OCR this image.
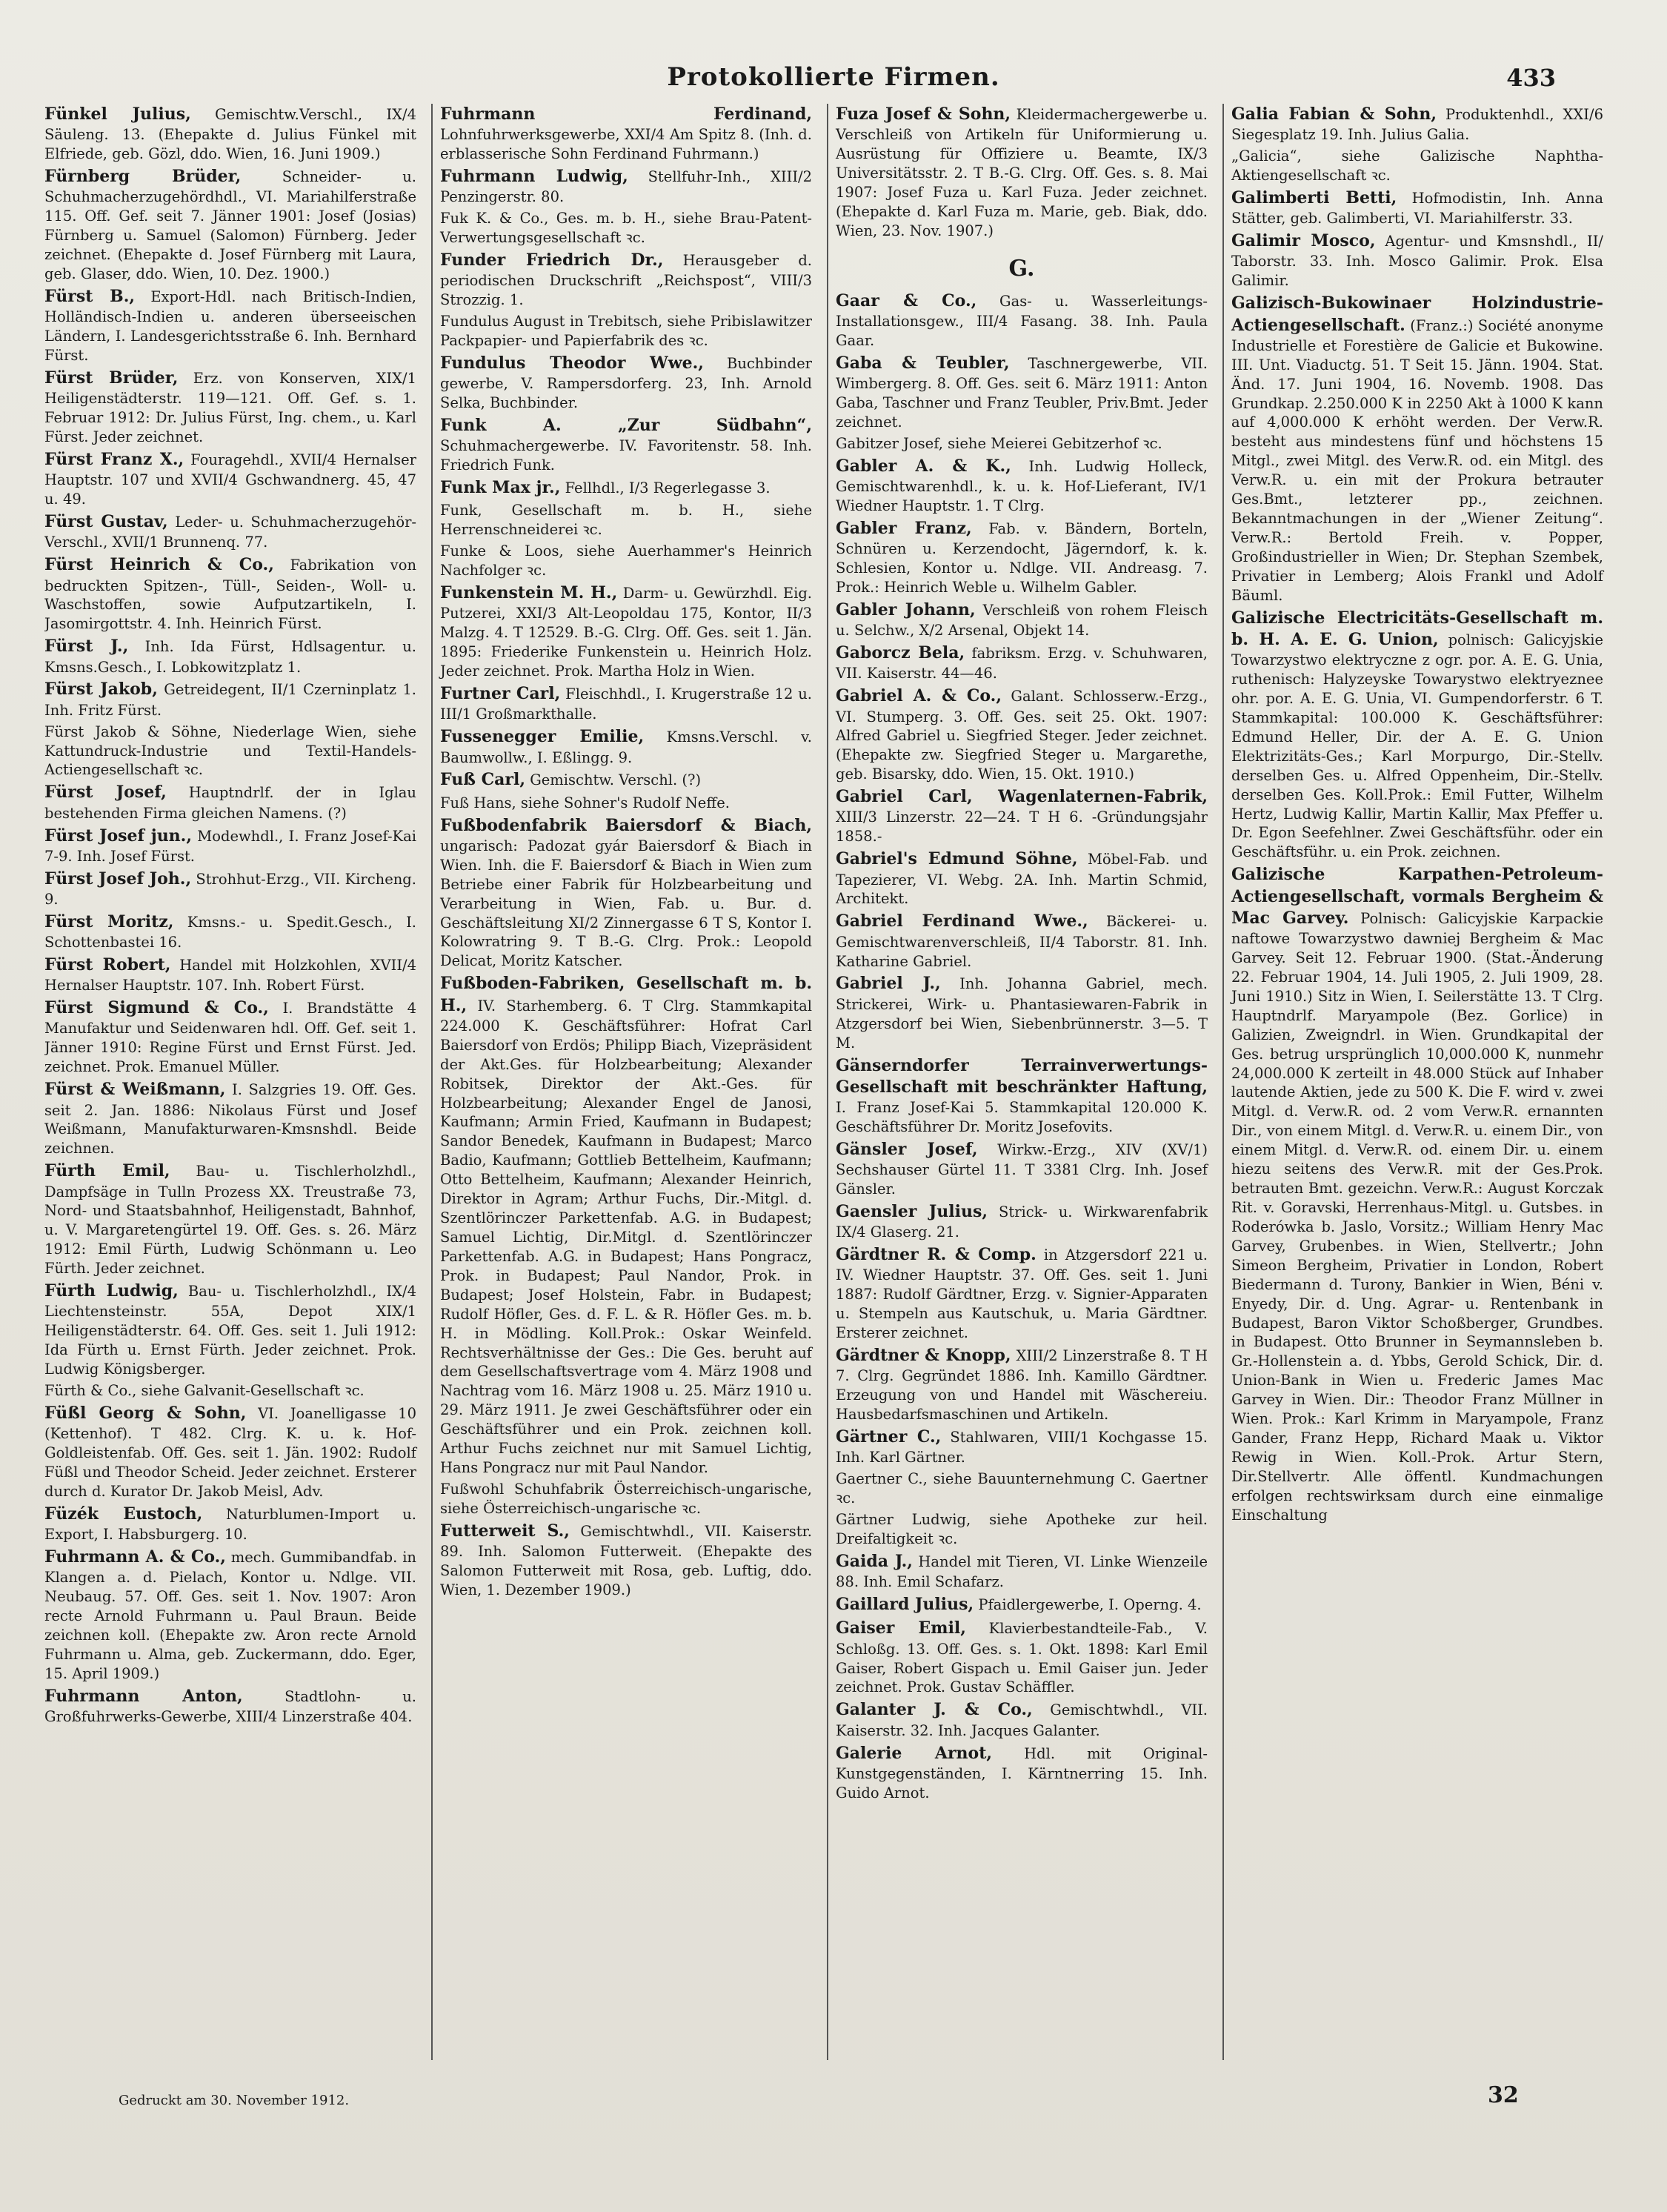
Protokollierte Firmen.	433

Fünkel Julius, Gemischtw.Verschl., IX/4 Säuleng. 13. (Ehepakte d. Julius Fünkel mit Elfriede, geb. Gözl, ddo. Wien, 16. Juni 1909.)

Fürnberg Brüder,	Schneider- u. Schuhmacherzugehördhdl., VI. Mariahilferstraße 115. Off. Gef. seit 7. Jänner 1901: Josef (Josias) Fürnberg u. Samuel (Salomon) Fürnberg. Jeder zeichnet. (Ehepakte d. Josef Fürnberg mit Laura, geb. Glaser, ddo. Wien, 10. Dez. 1900.)

Fürst B., Export-Hdl. nach Britisch-Indien, Holländisch-Indien u. anderen überseeischen Ländern, I. Landesgerichtsstraße 6. Inh. Bernhard Fürst.

Fürst Brüder, Erz. von Konserven, XIX/1 Heiligenstädterstr. 119—121. Off. Gef. s. 1. Februar 1912: Dr. Julius Fürst, Ing. chem., u. Karl Fürst. Jeder zeichnet.

Fürst Franz X., Fouragehdl., XVII/4 Hernalser Hauptstr. 107 und XVII/4 Gschwandnerg. 45, 47 u. 49.

Fürst Gustav, Leder- u. Schuhmacherzugehör-Verschl., XVII/1 Brunnenq. 77.

Fürst Heinrich & Co., Fabrikation von bedruckten Spitzen-, Tüll-, Seiden-, Woll- u. Waschstoffen, sowie Aufputzartikeln, I. Jasomirgottstr. 4. Inh. Heinrich Fürst.

Fürst J., Inh. Ida Fürst, Hdlsagentur. u. Kmsns.Gesch., I. Lobkowitzplatz 1.

Fürst Jakob, Getreidegent, II/1 Czerninplatz 1. Inh. Fritz Fürst.

Fürst Jakob & Söhne, Niederlage Wien, siehe Kattundruck-Industrie und Textil-Handels-Actiengesellschaft ꝛc.

Fürst Josef, Hauptndrlf. der in Iglau bestehenden Firma gleichen Namens. (?)

Fürst Josef jun., Modewhdl., I. Franz Josef-Kai 7-9. Inh. Josef Fürst.

Fürst Josef Joh., Strohhut-Erzg., VII. Kircheng. 9.

Fürst Moritz, Kmsns.- u. Spedit.Gesch., I. Schottenbastei 16.

Fürst Robert, Handel mit Holzkohlen, XVII/4 Hernalser Hauptstr. 107. Inh. Robert Fürst.

Fürst Sigmund & Co., I. Brandstätte 4 Manufaktur und Seidenwaren hdl. Off. Gef. seit 1. Jänner 1910: Regine Fürst und Ernst Fürst. Jed. zeichnet. Prok. Emanuel Müller.

Fürst & Weißmann, I. Salzgries 19. Off. Ges. seit 2. Jan. 1886: Nikolaus Fürst und Josef Weißmann, Manufakturwaren-Kmsnshdl. Beide zeichnen.

Fürth Emil, Bau- u. Tischlerholzhdl., Dampfsäge in Tulln Prozess XX. Treustraße 73, Nord- und Staatsbahnhof, Heiligenstadt, Bahnhof, u. V. Margaretengürtel 19. Off. Ges. s. 26. März 1912: Emil Fürth, Ludwig Schönmann u. Leo Fürth. Jeder zeichnet.

Fürth Ludwig, Bau- u. Tischlerholzhdl., IX/4 Liechtensteinstr. 55A, Depot XIX/1 Heiligenstädterstr. 64. Off. Ges. seit 1. Juli 1912: Ida Fürth u. Ernst Fürth. Jeder zeichnet. Prok. Ludwig Königsberger.

Fürth & Co., siehe Galvanit-Gesellschaft ꝛc.

Füßl Georg & Sohn, VI. Joanelligasse 10 (Kettenhof). T 482. Clrg. K. u. k. Hof-Goldleistenfab. Off. Ges. seit 1. Jän. 1902: Rudolf Füßl und Theodor Scheid. Jeder zeichnet. Ersterer durch d. Kurator Dr. Jakob Meisl, Adv.

Füzék Eustoch, Naturblumen-Import u. Export, I. Habsburgerg. 10.

Fuhrmann A. & Co., mech. Gummibandfab. in Klangen a. d. Pielach, Kontor u. Ndlge. VII. Neubaug. 57. Off. Ges. seit 1. Nov. 1907: Aron recte Arnold Fuhrmann u. Paul Braun. Beide zeichnen koll. (Ehepakte zw. Aron recte Arnold Fuhrmann u. Alma, geb. Zuckermann, ddo. Eger, 15. April 1909.)

Fuhrmann Anton,	Stadtlohn- u. Großfuhrwerks-Gewerbe, XIII/4 Linzerstraße 404.

Fuhrmann Ferdinand, Lohnfuhrwerksgewerbe, XXI/4 Am Spitz 8. (Inh. d. erblasserische Sohn Ferdinand Fuhrmann.)

Fuhrmann Ludwig, Stellfuhr-Inh., XIII/2 Penzingerstr. 80.

Fuk K. & Co., Ges. m. b. H., siehe Brau-Patent-Verwertungsgesellschaft ꝛc.

Funder Friedrich Dr., Herausgeber d. periodischen Druckschrift „Reichspost“, VIII/3 Strozzig. 1.

Fundulus August in Trebitsch, siehe Pribislawitzer Packpapier- und Papierfabrik des ꝛc.

Fundulus Theodor Wwe., Buchbinder gewerbe, V. Rampersdorferg. 23, Inh. Arnold Selka, Buchbinder.

Funk A. „Zur Südbahn“, Schuhmachergewerbe. IV. Favoritenstr. 58. Inh. Friedrich Funk.

Funk Max jr., Fellhdl., I/3 Regerlegasse 3.

Funk, Gesellschaft m. b. H., siehe Herrenschneiderei ꝛc.

Funke & Loos, siehe Auerhammer's Heinrich Nachfolger ꝛc.

Funkenstein M. H., Darm- u. Gewürzhdl. Eig. Putzerei, XXI/3 Alt-Leopoldau 175, Kontor, II/3 Malzg. 4. T 12529. B.-G. Clrg. Off. Ges. seit 1. Jän. 1895: Friederike Funkenstein u. Heinrich Holz. Jeder zeichnet. Prok. Martha Holz in Wien.

Furtner Carl, Fleischhdl., I. Krugerstraße 12 u. III/1 Großmarkthalle.

Fussenegger Emilie, Kmsns.Verschl. v. Baumwollw., I. Eßlingg. 9.

Fuß Carl, Gemischtw. Verschl. (?)

Fuß Hans, siehe Sohner's Rudolf Neffe.

Fußbodenfabrik Baiersdorf & Biach, ungarisch: Padozat gyár Baiersdorf & Biach in Wien. Inh. die F. Baiersdorf & Biach in Wien zum Betriebe einer Fabrik für Holzbearbeitung und Verarbeitung in Wien, Fab. u. Bur. d. Geschäftsleitung XI/2 Zinnergasse 6 T S, Kontor I. Kolowratring 9. T B.-G. Clrg. Prok.: Leopold Delicat, Moritz Katscher.

Fußboden-Fabriken, Gesellschaft m. b. H., IV. Starhemberg. 6. T Clrg. Stammkapital 224.000 K. Geschäftsführer: Hofrat Carl Baiersdorf von Erdös; Philipp Biach, Vizepräsident der Akt.Ges. für Holzbearbeitung; Alexander Robitsek, Direktor der Akt.-Ges. für Holzbearbeitung; Alexander Engel de Janosi, Kaufmann; Armin Fried, Kaufmann in Budapest; Sandor Benedek, Kaufmann in Budapest; Marco Badio, Kaufmann; Gottlieb Bettelheim, Kaufmann; Otto Bettelheim, Kaufmann; Alexander Heinrich, Direktor in Agram; Arthur Fuchs, Dir.-Mitgl. d. Szentlörinczer Parkettenfab. A.G. in Budapest; Samuel Lichtig, Dir.Mitgl. d. Szentlörinczer Parkettenfab. A.G. in Budapest; Hans Pongracz, Prok. in Budapest; Paul Nandor, Prok. in Budapest; Josef Holstein, Fabr. in Budapest; Rudolf Höfler, Ges. d. F. L. & R. Höfler Ges. m. b. H. in Mödling. Koll.Prok.: Oskar Weinfeld. Rechtsverhältnisse der Ges.: Die Ges. beruht auf dem Gesellschaftsvertrage vom 4. März 1908 und Nachtrag vom 16. März 1908 u. 25. März 1910 u. 29. März 1911. Je zwei Geschäftsführer oder ein Geschäftsführer und ein Prok. zeichnen koll. Arthur Fuchs zeichnet nur mit Samuel Lichtig, Hans Pongracz nur mit Paul Nandor.

Fußwohl Schuhfabrik Österreichisch-ungarische, siehe Österreichisch-ungarische ꝛc.

Futterweit S., Gemischtwhdl., VII. Kaiserstr. 89. Inh. Salomon Futterweit. (Ehepakte des Salomon Futterweit mit Rosa, geb. Luftig, ddo. Wien, 1. Dezember 1909.)

Fuza Josef & Sohn, Kleidermachergewerbe u. Verschleiß von Artikeln für Uniformierung u. Ausrüstung für Offiziere u. Beamte, IX/3 Universitätsstr. 2. T B.-G. Clrg. Off. Ges. s. 8. Mai 1907: Josef Fuza u. Karl Fuza. Jeder zeichnet. (Ehepakte d. Karl Fuza m. Marie, geb. Biak, ddo. Wien, 23. Nov. 1907.)

G.

Gaar & Co., Gas- u. Wasserleitungs-Installationsgew., III/4 Fasang. 38. Inh. Paula Gaar.

Gaba & Teubler, Taschnergewerbe, VII. Wimbergerg. 8. Off. Ges. seit 6. März 1911: Anton Gaba, Taschner und Franz Teubler, Priv.Bmt. Jeder zeichnet.

Gabitzer Josef, siehe Meierei Gebitzerhof ꝛc.

Gabler A. & K., Inh. Ludwig Holleck, Gemischtwarenhdl., k. u. k. Hof-Lieferant, IV/1 Wiedner Hauptstr. 1. T Clrg.

Gabler Franz, Fab. v. Bändern, Borteln, Schnüren u. Kerzendocht, Jägerndorf, k. k. Schlesien, Kontor u. Ndlge. VII. Andreasg. 7. Prok.: Heinrich Weble u. Wilhelm Gabler.

Gabler Johann, Verschleiß von rohem Fleisch u. Selchw., X/2 Arsenal, Objekt 14.

Gaborcz Bela, fabriksm. Erzg. v. Schuhwaren, VII. Kaiserstr. 44—46.

Gabriel A. & Co., Galant. Schlosserw.-Erzg., VI. Stumperg. 3. Off. Ges. seit 25. Okt. 1907: Alfred Gabriel u. Siegfried Steger. Jeder zeichnet. (Ehepakte zw. Siegfried Steger u. Margarethe, geb. Bisarsky, ddo. Wien, 15. Okt. 1910.)

Gabriel Carl, Wagenlaternen-Fabrik, XIII/3 Linzerstr. 22—24. T H 6. -Gründungsjahr 1858.-

Gabriel's Edmund Söhne, Möbel-Fab. und Tapezierer, VI. Webg. 2A. Inh. Martin Schmid, Architekt.

Gabriel Ferdinand Wwe., Bäckerei- u. Gemischtwarenverschleiß, II/4 Taborstr. 81. Inh. Katharine Gabriel.

Gabriel J., Inh. Johanna Gabriel, mech. Strickerei, Wirk- u. Phantasiewaren-Fabrik in Atzgersdorf bei Wien, Siebenbrünnerstr. 3—5. T M.

Gänserndorfer Terrainverwertungs-Gesellschaft mit beschränkter Haftung, I. Franz Josef-Kai 5. Stammkapital 120.000 K. Geschäftsführer Dr. Moritz Josefovits.

Gänsler Josef, Wirkw.-Erzg., XIV (XV/1) Sechshauser Gürtel 11. T 3381 Clrg. Inh. Josef Gänsler.

Gaensler Julius, Strick- u. Wirkwarenfabrik IX/4 Glaserg. 21.

Gärdtner R. & Comp. in Atzgersdorf 221 u. IV. Wiedner Hauptstr. 37. Off. Ges. seit 1. Juni 1887: Rudolf Gärdtner, Erzg. v. Signier-Apparaten u. Stempeln aus Kautschuk, u. Maria Gärdtner. Ersterer zeichnet.

Gärdtner & Knopp, XIII/2 Linzerstraße 8. T H 7. Clrg. Gegründet 1886. Inh. Kamillo Gärdtner. Erzeugung von und Handel mit Wäschereiu. Hausbedarfsmaschinen und Artikeln.

Gärtner C., Stahlwaren, VIII/1 Kochgasse 15. Inh. Karl Gärtner.

Gaertner C., siehe Bauunternehmung C. Gaertner ꝛc.

Gärtner Ludwig, siehe Apotheke zur heil. Dreifaltigkeit ꝛc.

Gaida J., Handel mit Tieren, VI. Linke Wienzeile 88. Inh. Emil Schafarz.

Gaillard Julius, Pfaidlergewerbe, I. Operng. 4.

Gaiser Emil, Klavierbestandteile-Fab., V. Schloßg. 13. Off. Ges. s. 1. Okt. 1898: Karl Emil Gaiser, Robert Gispach u. Emil Gaiser jun. Jeder zeichnet. Prok. Gustav Schäffler.

Galanter J. & Co., Gemischtwhdl., VII. Kaiserstr. 32. Inh. Jacques Galanter.

Galerie Arnot, Hdl. mit Original-Kunstgegenständen, I. Kärntnerring 15. Inh. Guido Arnot.

Galia Fabian & Sohn, Produktenhdl., XXI/6 Siegesplatz 19. Inh. Julius Galia.

„Galicia“, siehe Galizische Naphtha-Aktiengesellschaft ꝛc.

Galimberti Betti, Hofmodistin, Inh. Anna Stätter, geb. Galimberti, VI. Mariahilferstr. 33.

Galimir Mosco, Agentur- und Kmsnshdl., II/ Taborstr. 33. Inh. Mosco Galimir. Prok. Elsa Galimir.

Galizisch-Bukowinaer Holzindustrie-Actiengesellschaft. (Franz.:) Société anonyme Industrielle et Forestière de Galicie et Bukowine. III. Unt. Viaductg. 51. T Seit 15. Jänn. 1904. Stat. Änd. 17. Juni 1904, 16. Novemb. 1908. Das Grundkap. 2.250.000 K in 2250 Akt à 1000 K kann auf 4,000.000 K erhöht werden. Der Verw.R. besteht aus mindestens fünf und höchstens 15 Mitgl., zwei Mitgl. des Verw.R. od. ein Mitgl. des Verw.R. u. ein mit der Prokura betrauter Ges.Bmt., letzterer pp., zeichnen. Bekanntmachungen in der „Wiener Zeitung“. Verw.R.: Bertold Freih. v. Popper, Großindustrieller in Wien; Dr. Stephan Szembek, Privatier in Lemberg; Alois Frankl und Adolf Bäuml.

Galizische Electricitäts-Gesellschaft m. b. H. A. E. G. Union, polnisch: Galicyjskie Towarzystwo elektryczne z ogr. por. A. E. G. Unia, ruthenisch: Halyzeyske Towarystwo elektryeznee ohr. por. A. E. G. Unia, VI. Gumpendorferstr. 6 T. Stammkapital: 100.000 K. Geschäftsführer: Edmund Heller, Dir. der A. E. G. Union Elektrizitäts-Ges.; Karl Morpurgo, Dir.-Stellv. derselben Ges. u. Alfred Oppenheim, Dir.-Stellv. derselben Ges. Koll.Prok.: Emil Futter, Wilhelm Hertz, Ludwig Kallir, Martin Kallir, Max Pfeffer u. Dr. Egon Seefehlner. Zwei Geschäftsführ. oder ein Geschäftsführ. u. ein Prok. zeichnen.

Galizische Karpathen-Petroleum-Actiengesellschaft, vormals Bergheim & Mac Garvey. Polnisch: Galicyjskie Karpackie naftowe Towarzystwo dawniej Bergheim & Mac Garvey. Seit 12. Februar 1900. (Stat.-Änderung 22. Februar 1904, 14. Juli 1905, 2. Juli 1909, 28. Juni 1910.) Sitz in Wien, I. Seilerstätte 13. T Clrg. Hauptndrlf. Maryampole (Bez. Gorlice) in Galizien, Zweigndrl. in Wien. Grundkapital der Ges. betrug ursprünglich 10,000.000 K, nunmehr 24,000.000 K zerteilt in 48.000 Stück auf Inhaber lautende Aktien, jede zu 500 K. Die F. wird v. zwei Mitgl. d. Verw.R. od. 2 vom Verw.R. ernannten Dir., von einem Mitgl. d. Verw.R. u. einem Dir., von einem Mitgl. d. Verw.R. od. einem Dir. u. einem hiezu seitens des Verw.R. mit der Ges.Prok. betrauten Bmt. gezeichn. Verw.R.: August Korczak Rit. v. Goravski, Herrenhaus-Mitgl. u. Gutsbes. in Roderówka b. Jaslo, Vorsitz.; William Henry Mac Garvey, Grubenbes. in Wien, Stellvertr.; John Simeon Bergheim, Privatier in London, Robert Biedermann d. Turony, Bankier in Wien, Béni v. Enyedy, Dir. d. Ung. Agrar- u. Rentenbank in Budapest, Baron Viktor Schoßberger, Grundbes. in Budapest. Otto Brunner in Seymannsleben b. Gr.-Hollenstein a. d. Ybbs, Gerold Schick, Dir. d. Union-Bank in Wien u. Frederic James Mac Garvey in Wien. Dir.: Theodor Franz Müllner in Wien. Prok.: Karl Krimm in Maryampole, Franz Gander, Franz Hepp, Richard Maak u. Viktor Rewig in Wien. Koll.-Prok. Artur Stern, Dir.Stellvertr. Alle öffentl. Kundmachungen erfolgen rechtswirksam durch eine einmalige Einschaltung

Gedruckt am 30. November 1912.	32
